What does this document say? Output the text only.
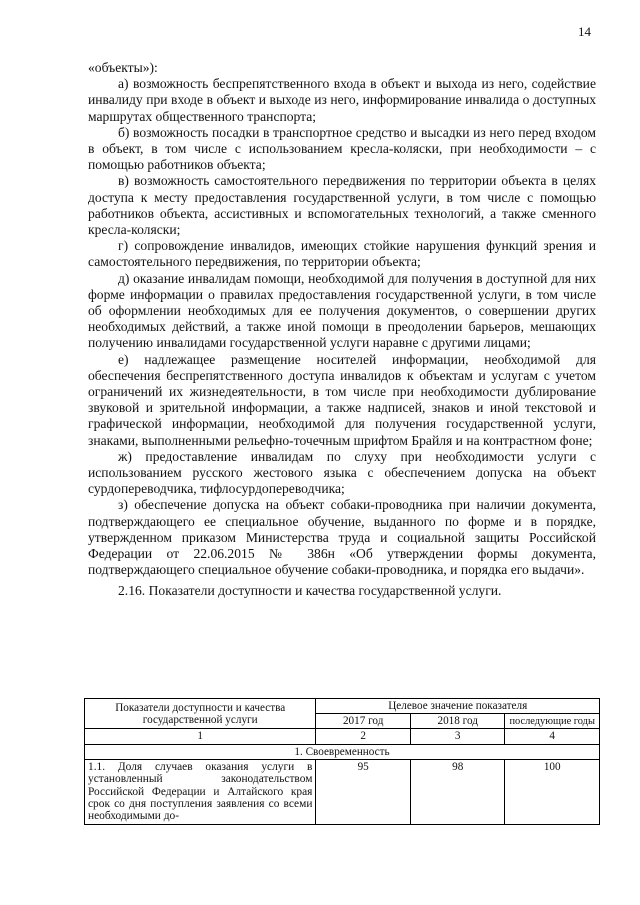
14

«объекты»):

а) возможность беспрепятственного входа в объект и выхода из него, содействие инвалиду при входе в объект и выходе из него, информирование инвалида о доступных маршрутах общественного транспорта;

б) возможность посадки в транспортное средство и высадки из него перед входом в объект, в том числе с использованием кресла-коляски, при необходимости – с помощью работников объекта;

в) возможность самостоятельного передвижения по территории объекта в целях доступа к месту предоставления государственной услуги, в том числе с помощью работников объекта, ассистивных и вспомогательных технологий, а также сменного кресла-коляски;

г) сопровождение инвалидов, имеющих стойкие нарушения функций зрения и самостоятельного передвижения, по территории объекта;

д) оказание инвалидам помощи, необходимой для получения в доступной для них форме информации о правилах предоставления государственной услуги, в том числе об оформлении необходимых для ее получения документов, о совершении других необходимых действий, а также иной помощи в преодолении барьеров, мешающих получению инвалидами государственной услуги наравне с другими лицами;

е) надлежащее размещение носителей информации, необходимой для обеспечения беспрепятственного доступа инвалидов к объектам и услугам с учетом ограничений их жизнедеятельности, в том числе при необходимости дублирование звуковой и зрительной информации, а также надписей, знаков и иной текстовой и графической информации, необходимой для получения государственной услуги, знаками, выполненными рельефно-точечным шрифтом Брайля и на контрастном фоне;

ж) предоставление инвалидам по слуху при необходимости услуги с использованием русского жестового языка с обеспечением допуска на объект сурдопереводчика, тифлосурдопереводчика;

з) обеспечение допуска на объект собаки-проводника при наличии документа, подтверждающего ее специальное обучение, выданного по форме и в порядке, утвержденном приказом Министерства труда и социальной защиты Российской Федерации от 22.06.2015 № 386н «Об утверждении формы документа, подтверждающего специальное обучение собаки-проводника, и порядка его выдачи».

2.16. Показатели доступности и качества государственной услуги.

Показатели доступности и качества государственной услуги	Целевое значение показателя		
	2017 год	2018 год	последующие годы
1	2	3	4
1. Своевременность			
1.1. Доля случаев оказания услуги в установленный законодательством Российской Федерации и Алтайского края срок со дня поступления заявления со всеми необходимыми до-	95	98	100
